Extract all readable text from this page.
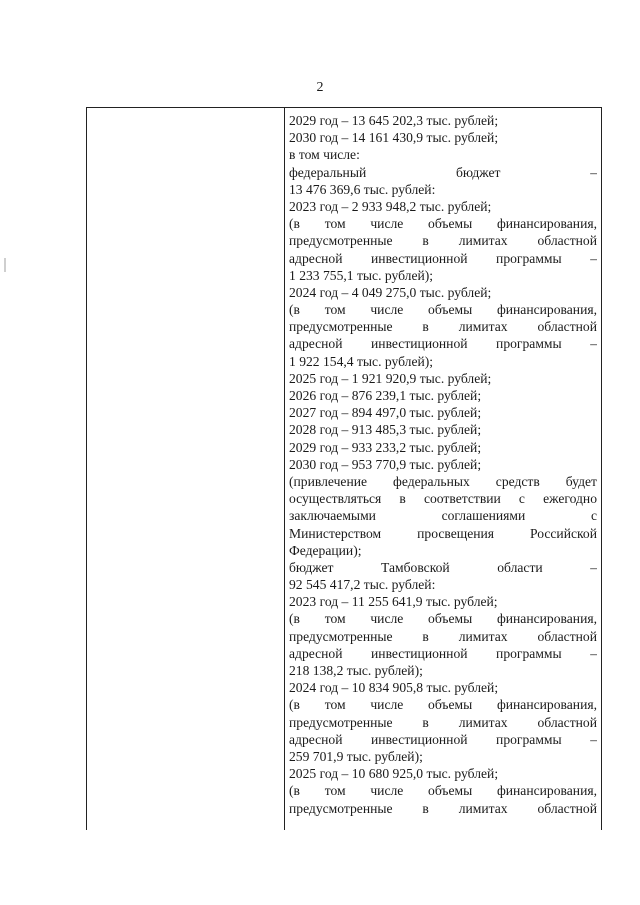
2
2029 год – 13 645 202,3 тыс. рублей;
2030 год – 14 161 430,9 тыс. рублей;
в том числе:
федеральный бюджет –
13 476 369,6 тыс. рублей:
2023 год – 2 933 948,2 тыс. рублей;
(в том числе объемы финансирования,
предусмотренные в лимитах областной
адресной инвестиционной программы –
1 233 755,1 тыс. рублей);
2024 год – 4 049 275,0 тыс. рублей;
(в том числе объемы финансирования,
предусмотренные в лимитах областной
адресной инвестиционной программы –
1 922 154,4 тыс. рублей);
2025 год – 1 921 920,9 тыс. рублей;
2026 год – 876 239,1 тыс. рублей;
2027 год – 894 497,0 тыс. рублей;
2028 год – 913 485,3 тыс. рублей;
2029 год – 933 233,2 тыс. рублей;
2030 год – 953 770,9 тыс. рублей;
(привлечение федеральных средств будет
осуществляться в соответствии с ежегодно
заключаемыми соглашениями с
Министерством просвещения Российской
Федерации);
бюджет Тамбовской области –
92 545 417,2 тыс. рублей:
2023 год – 11 255 641,9 тыс. рублей;
(в том числе объемы финансирования,
предусмотренные в лимитах областной
адресной инвестиционной программы –
218 138,2 тыс. рублей);
2024 год – 10 834 905,8 тыс. рублей;
(в том числе объемы финансирования,
предусмотренные в лимитах областной
адресной инвестиционной программы –
259 701,9 тыс. рублей);
2025 год – 10 680 925,0 тыс. рублей;
(в том числе объемы финансирования,
предусмотренные в лимитах областной
